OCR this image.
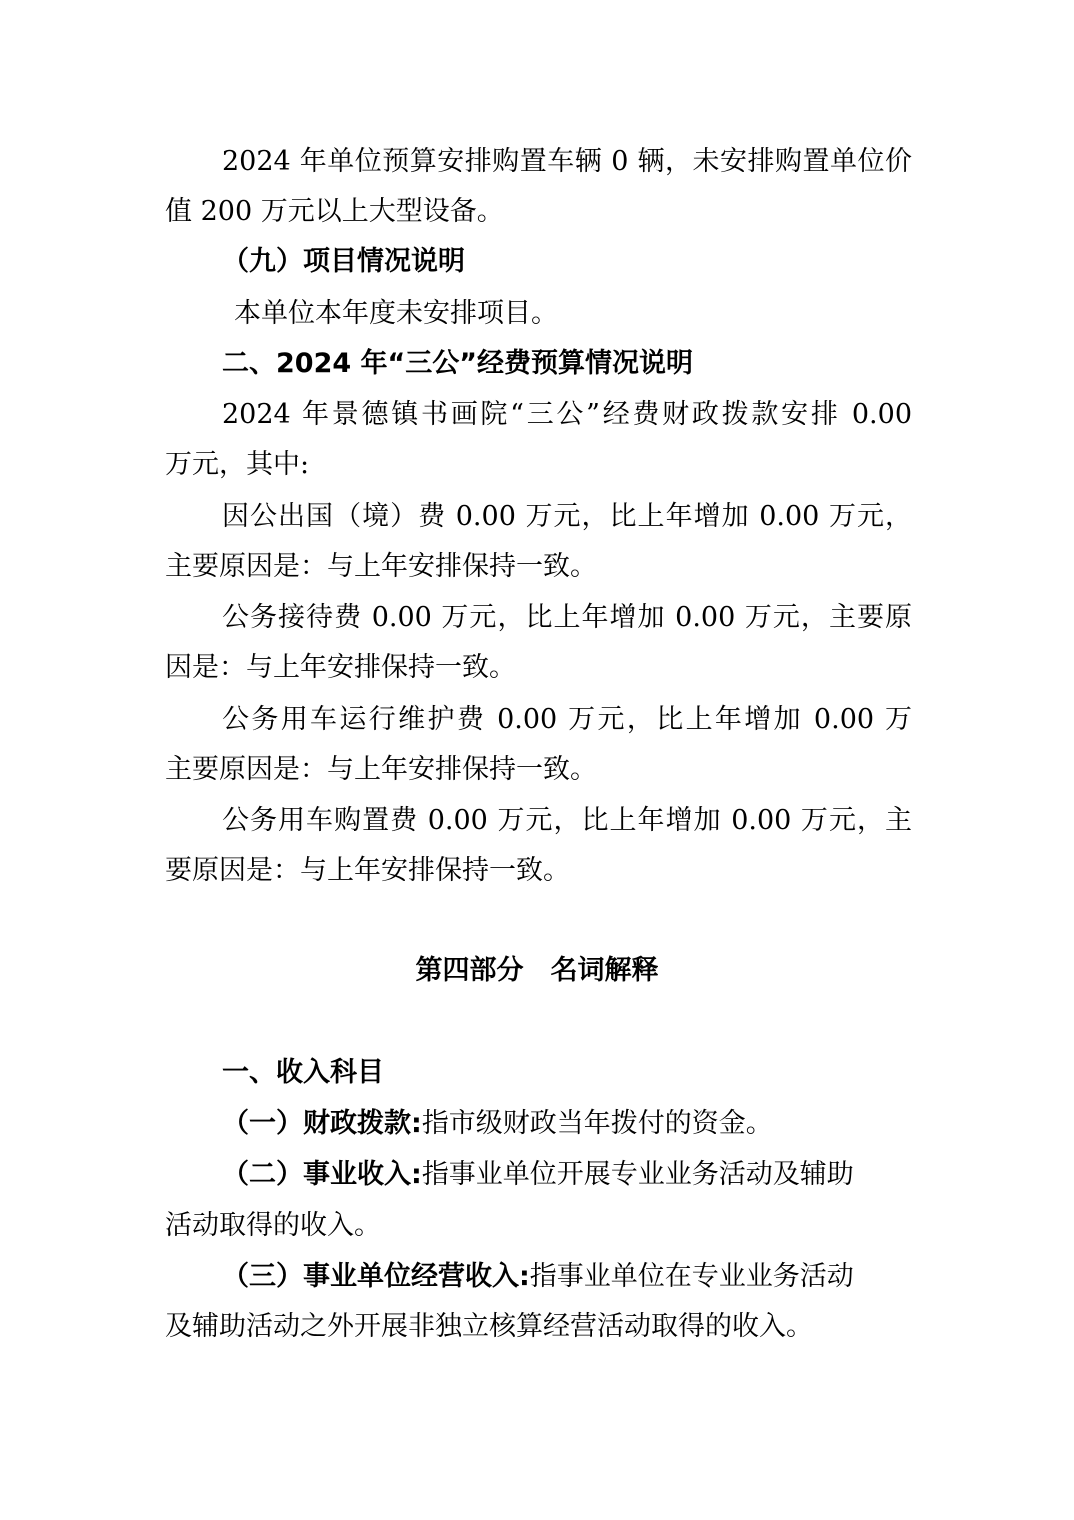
2024 年单位预算安排购置车辆 0 辆，未安排购置单位价
值 200 万元以上大型设备。
（九）项目情况说明
本单位本年度未安排项目。
二、2024 年“三公”经费预算情况说明
2024 年景德镇书画院“三公”经费财政拨款安排 0.00
万元，其中:
因公出国（境）费 0.00 万元，比上年增加 0.00 万元，
主要原因是：与上年安排保持一致。
公务接待费 0.00 万元，比上年增加 0.00 万元，主要原
因是：与上年安排保持一致。
公务用车运行维护费 0.00 万元，比上年增加 0.00 万
主要原因是：与上年安排保持一致。
公务用车购置费 0.00 万元，比上年增加 0.00 万元，主
要原因是：与上年安排保持一致。
第四部分　名词解释
一、收入科目
（一）财政拨款:指市级财政当年拨付的资金。
（二）事业收入:指事业单位开展专业业务活动及辅助
活动取得的收入。
（三）事业单位经营收入:指事业单位在专业业务活动
及辅助活动之外开展非独立核算经营活动取得的收入。
